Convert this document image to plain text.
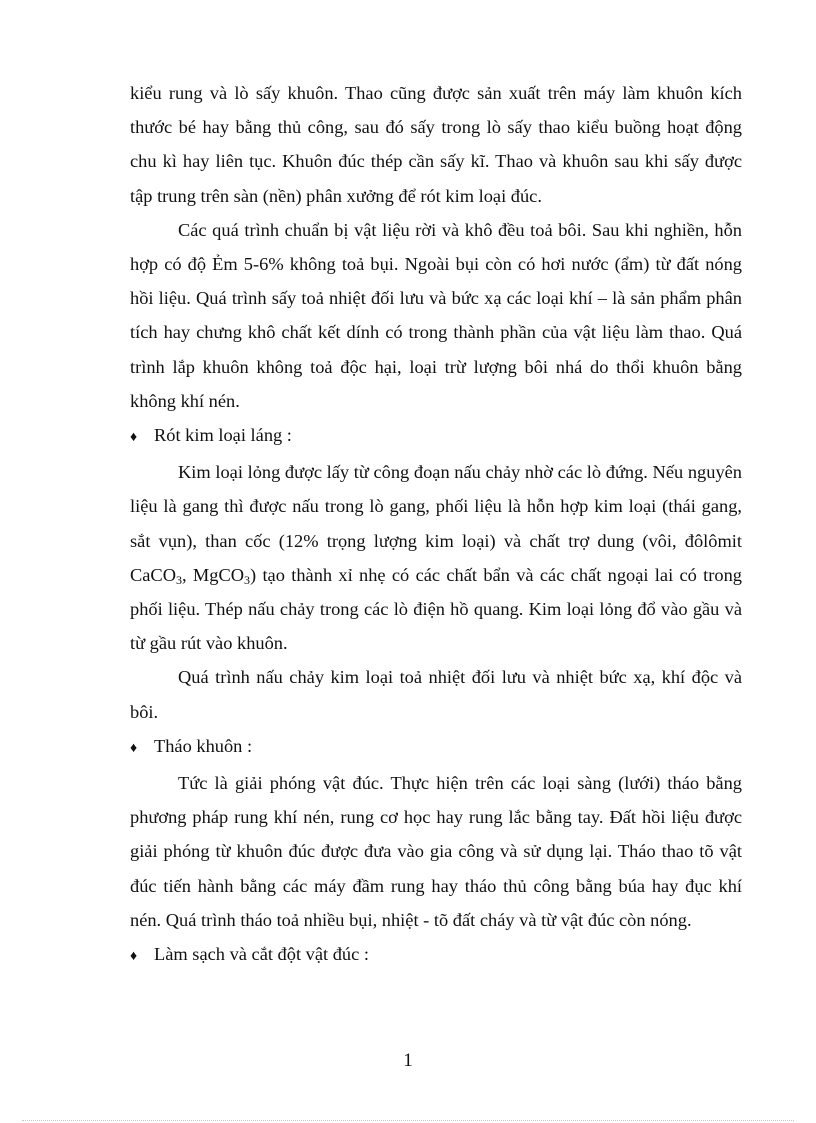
kiểu rung và lò sấy khuôn. Thao cũng được sản xuất trên máy làm khuôn kích thước bé hay bằng thủ công, sau đó sấy trong lò sấy thao kiểu buồng hoạt động chu kì hay liên tục. Khuôn đúc thép cần sấy kĩ. Thao và khuôn sau khi sấy được tập trung trên sàn (nền) phân xưởng để rót kim loại đúc.

Các quá trình chuẩn bị vật liệu rời và khô đều toả bôi. Sau khi nghiền, hỗn hợp có độ Ẻm 5-6% không toả bụi. Ngoài bụi còn có hơi nước (ẩm) từ đất nóng hồi liệu. Quá trình sấy toả nhiệt đối lưu và bức xạ các loại khí – là sản phẩm phân tích hay chưng khô chất kết dính có trong thành phần của vật liệu làm thao. Quá trình lắp khuôn không toả độc hại, loại trừ lượng bôi nhá do thổi khuôn bằng không khí nén.

♦ Rót kim loại láng :

Kim loại lỏng được lấy từ công đoạn nấu chảy nhờ các lò đứng. Nếu nguyên liệu là gang thì được nấu trong lò gang, phối liệu là hỗn hợp kim loại (thái gang, sắt vụn), than cốc (12% trọng lượng kim loại) và chất trợ dung (vôi, đôlômit CaCO$_3$, MgCO$_3$) tạo thành xỉ nhẹ có các chất bẩn và các chất ngoại lai có trong phối liệu. Thép nấu chảy trong các lò điện hồ quang. Kim loại lỏng đổ vào gầu và từ gầu rút vào khuôn.

Quá trình nấu chảy kim loại toả nhiệt đối lưu và nhiệt bức xạ, khí độc và bôi.

♦ Tháo khuôn :

Tức là giải phóng vật đúc. Thực hiện trên các loại sàng (lưới) tháo bằng phương pháp rung khí nén, rung cơ học hay rung lắc bằng tay. Đất hồi liệu được giải phóng từ khuôn đúc được đưa vào gia công và sử dụng lại. Tháo thao tõ vật đúc tiến hành bằng các máy đầm rung hay tháo thủ công bằng búa hay đục khí nén. Quá trình tháo toả nhiều bụi, nhiệt - tõ đất cháy và từ vật đúc còn nóng.

♦ Làm sạch và cắt đột vật đúc :
1
